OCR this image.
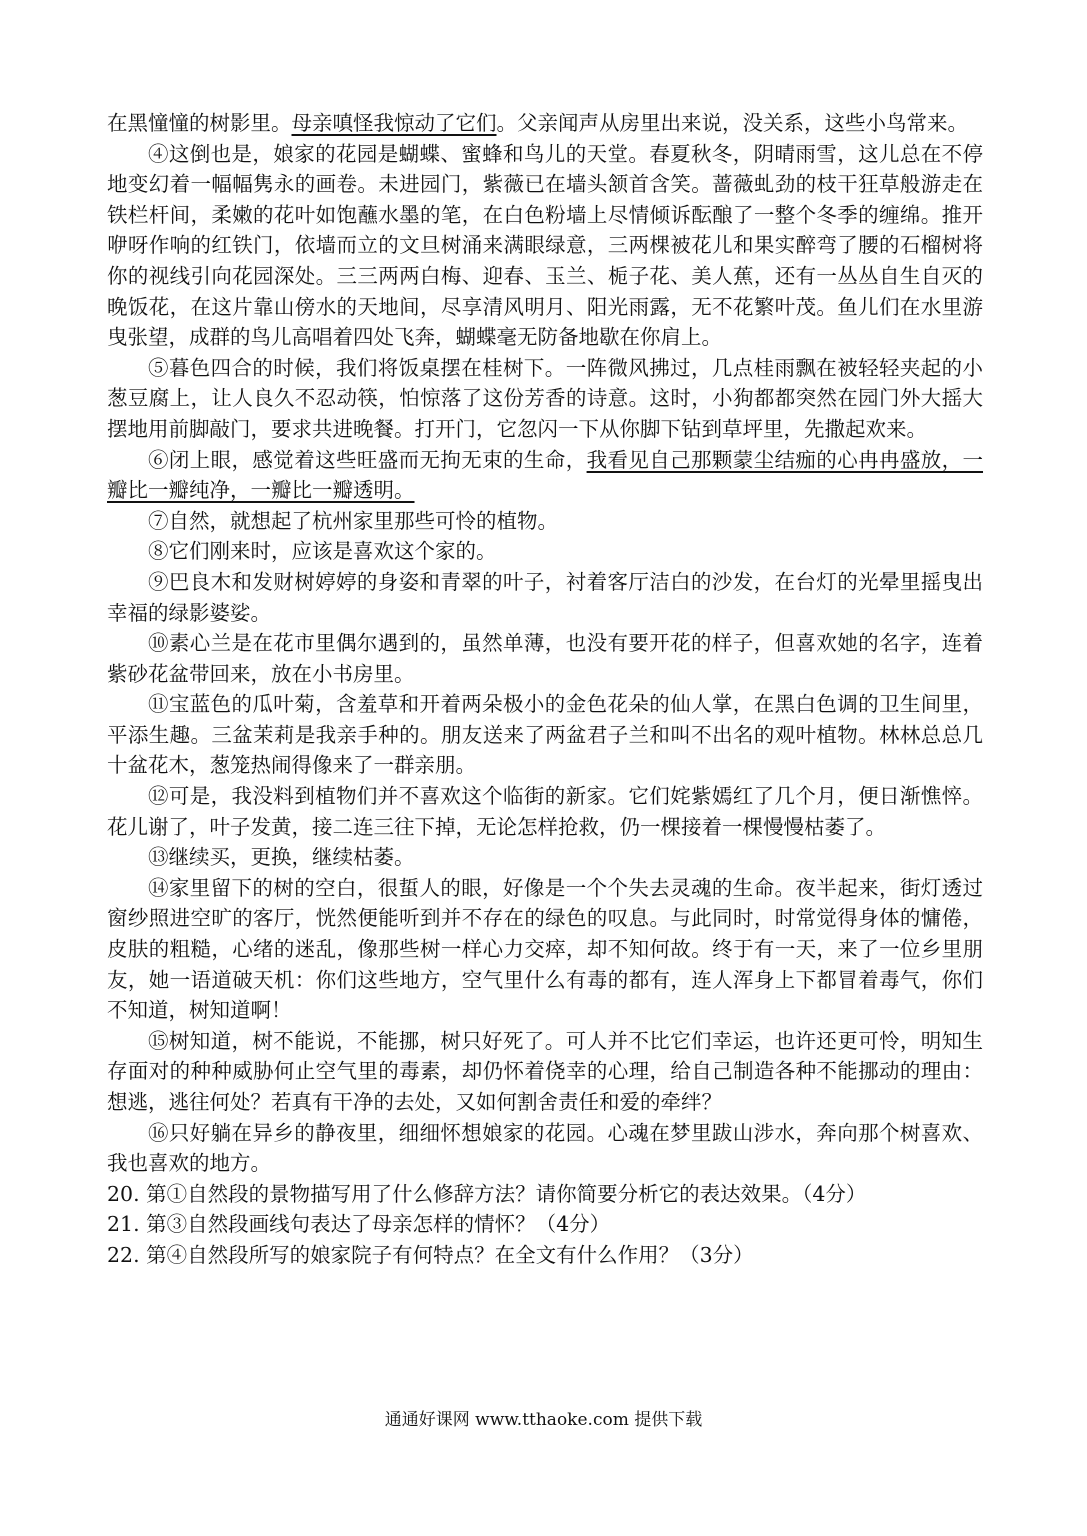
在黑憧憧的树影里。母亲嗔怪我惊动了它们。父亲闻声从房里出来说，没关系，这些小鸟常来。

④这倒也是，娘家的花园是蝴蝶、蜜蜂和鸟儿的天堂。春夏秋冬，阴晴雨雪，这儿总在不停地变幻着一幅幅隽永的画卷。未进园门，紫薇已在墙头颔首含笑。蔷薇虬劲的枝干狂草般游走在铁栏杆间，柔嫩的花叶如饱蘸水墨的笔，在白色粉墙上尽情倾诉酝酿了一整个冬季的缠绵。推开咿呀作响的红铁门，依墙而立的文旦树涌来满眼绿意，三两棵被花儿和果实醉弯了腰的石榴树将你的视线引向花园深处。三三两两白梅、迎春、玉兰、栀子花、美人蕉，还有一丛丛自生自灭的晚饭花，在这片靠山傍水的天地间，尽享清风明月、阳光雨露，无不花繁叶茂。鱼儿们在水里游曳张望，成群的鸟儿高唱着四处飞奔，蝴蝶毫无防备地歇在你肩上。

⑤暮色四合的时候，我们将饭桌摆在桂树下。一阵微风拂过，几点桂雨飘在被轻轻夹起的小葱豆腐上，让人良久不忍动筷，怕惊落了这份芳香的诗意。这时，小狗都都突然在园门外大摇大摆地用前脚敲门，要求共进晚餐。打开门，它忽闪一下从你脚下钻到草坪里，先撒起欢来。

⑥闭上眼，感觉着这些旺盛而无拘无束的生命，我看见自己那颗蒙尘结痂的心冉冉盛放，一瓣比一瓣纯净，一瓣比一瓣透明。

⑦自然，就想起了杭州家里那些可怜的植物。

⑧它们刚来时，应该是喜欢这个家的。

⑨巴良木和发财树婷婷的身姿和青翠的叶子，衬着客厅洁白的沙发，在台灯的光晕里摇曳出幸福的绿影婆娑。

⑩素心兰是在花市里偶尔遇到的，虽然单薄，也没有要开花的样子，但喜欢她的名字，连着紫砂花盆带回来，放在小书房里。

⑪宝蓝色的瓜叶菊，含羞草和开着两朵极小的金色花朵的仙人掌，在黑白色调的卫生间里，平添生趣。三盆茉莉是我亲手种的。朋友送来了两盆君子兰和叫不出名的观叶植物。林林总总几十盆花木，葱笼热闹得像来了一群亲朋。

⑫可是，我没料到植物们并不喜欢这个临街的新家。它们姹紫嫣红了几个月，便日渐憔悴。花儿谢了，叶子发黄，接二连三往下掉，无论怎样抢救，仍一棵接着一棵慢慢枯萎了。

⑬继续买，更换，继续枯萎。

⑭家里留下的树的空白，很蜇人的眼，好像是一个个失去灵魂的生命。夜半起来，街灯透过窗纱照进空旷的客厅，恍然便能听到并不存在的绿色的叹息。与此同时，时常觉得身体的慵倦，皮肤的粗糙，心绪的迷乱，像那些树一样心力交瘁，却不知何故。终于有一天，来了一位乡里朋友，她一语道破天机：你们这些地方，空气里什么有毒的都有，连人浑身上下都冒着毒气，你们不知道，树知道啊！

⑮树知道，树不能说，不能挪，树只好死了。可人并不比它们幸运，也许还更可怜，明知生存面对的种种威胁何止空气里的毒素，却仍怀着侥幸的心理，给自己制造各种不能挪动的理由：想逃，逃往何处？若真有干净的去处，又如何割舍责任和爱的牵绊？

⑯只好躺在异乡的静夜里，细细怀想娘家的花园。心魂在梦里跋山涉水，奔向那个树喜欢、我也喜欢的地方。

20. 第①自然段的景物描写用了什么修辞方法？请你简要分析它的表达效果。（4分）

21. 第③自然段画线句表达了母亲怎样的情怀？（4分）

22. 第④自然段所写的娘家院子有何特点？在全文有什么作用？（3分）

通通好课网 www.tthaoke.com 提供下载
